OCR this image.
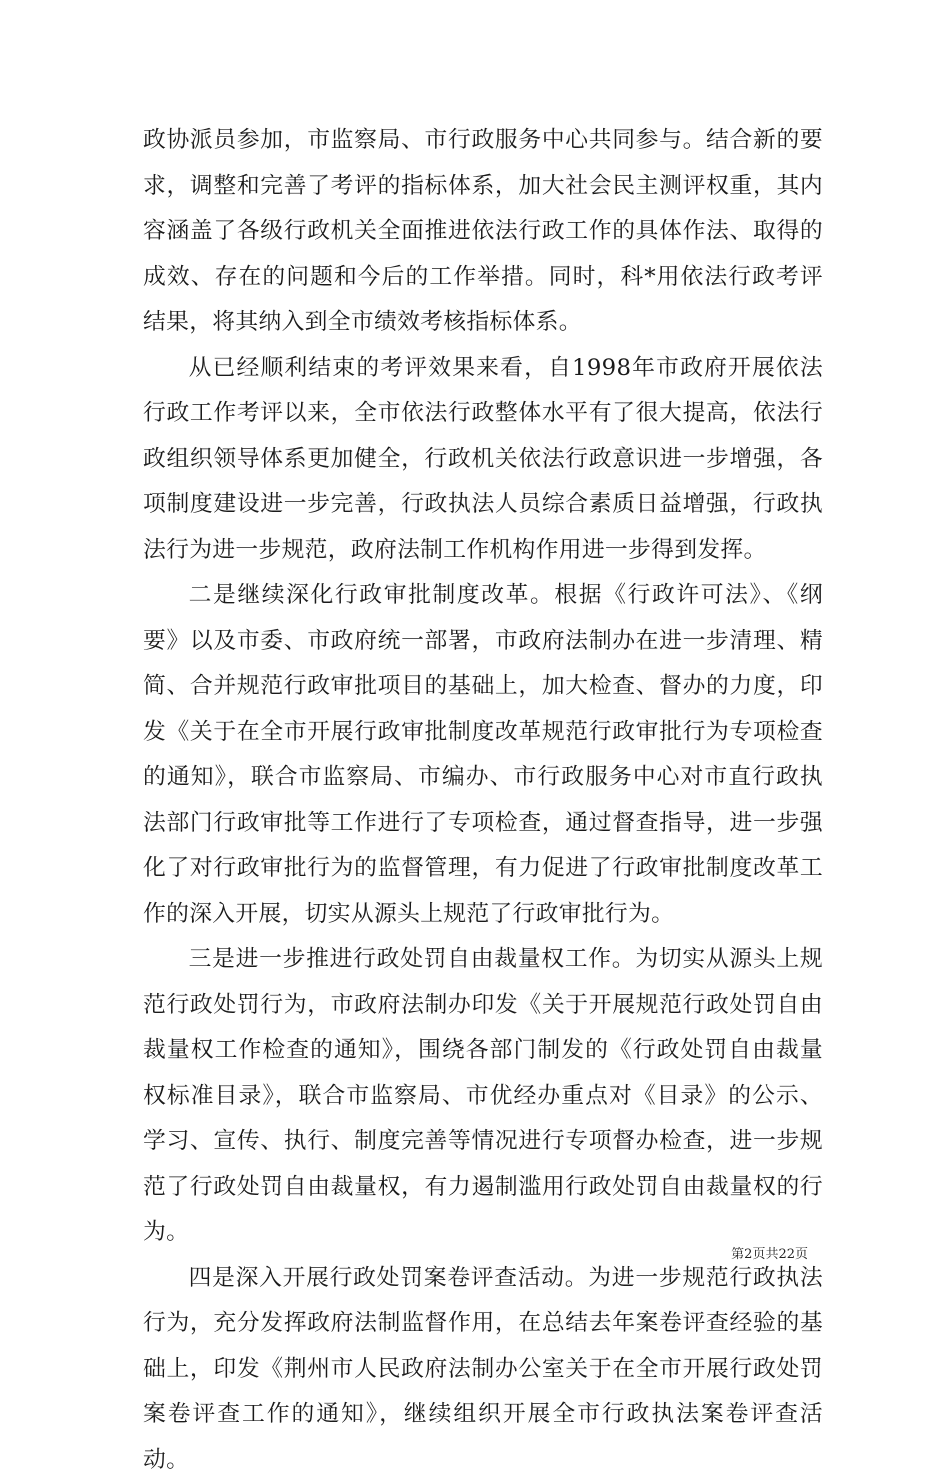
政协派员参加，市监察局、市行政服务中心共同参与。结合新的要求，调整和完善了考评的指标体系，加大社会民主测评权重，其内容涵盖了各级行政机关全面推进依法行政工作的具体作法、取得的成效、存在的问题和今后的工作举措。同时，科*用依法行政考评结果，将其纳入到全市绩效考核指标体系。

从已经顺利结束的考评效果来看，自1998年市政府开展依法行政工作考评以来，全市依法行政整体水平有了很大提高，依法行政组织领导体系更加健全，行政机关依法行政意识进一步增强，各项制度建设进一步完善，行政执法人员综合素质日益增强，行政执法行为进一步规范，政府法制工作机构作用进一步得到发挥。

二是继续深化行政审批制度改革。根据《行政许可法》、《纲要》以及市委、市政府统一部署，市政府法制办在进一步清理、精简、合并规范行政审批项目的基础上，加大检查、督办的力度，印发《关于在全市开展行政审批制度改革规范行政审批行为专项检查的通知》，联合市监察局、市编办、市行政服务中心对市直行政执法部门行政审批等工作进行了专项检查，通过督查指导，进一步强化了对行政审批行为的监督管理，有力促进了行政审批制度改革工作的深入开展，切实从源头上规范了行政审批行为。

三是进一步推进行政处罚自由裁量权工作。为切实从源头上规范行政处罚行为，市政府法制办印发《关于开展规范行政处罚自由裁量权工作检查的通知》，围绕各部门制发的《行政处罚自由裁量权标准目录》，联合市监察局、市优经办重点对《目录》的公示、学习、宣传、执行、制度完善等情况进行专项督办检查，进一步规范了行政处罚自由裁量权，有力遏制滥用行政处罚自由裁量权的行为。

四是深入开展行政处罚案卷评查活动。为进一步规范行政执法行为，充分发挥政府法制监督作用，在总结去年案卷评查经验的基础上，印发《荆州市人民政府法制办公室关于在全市开展行政处罚案卷评查工作的通知》，继续组织开展全市行政执法案卷评查活动。

第2页共22页
